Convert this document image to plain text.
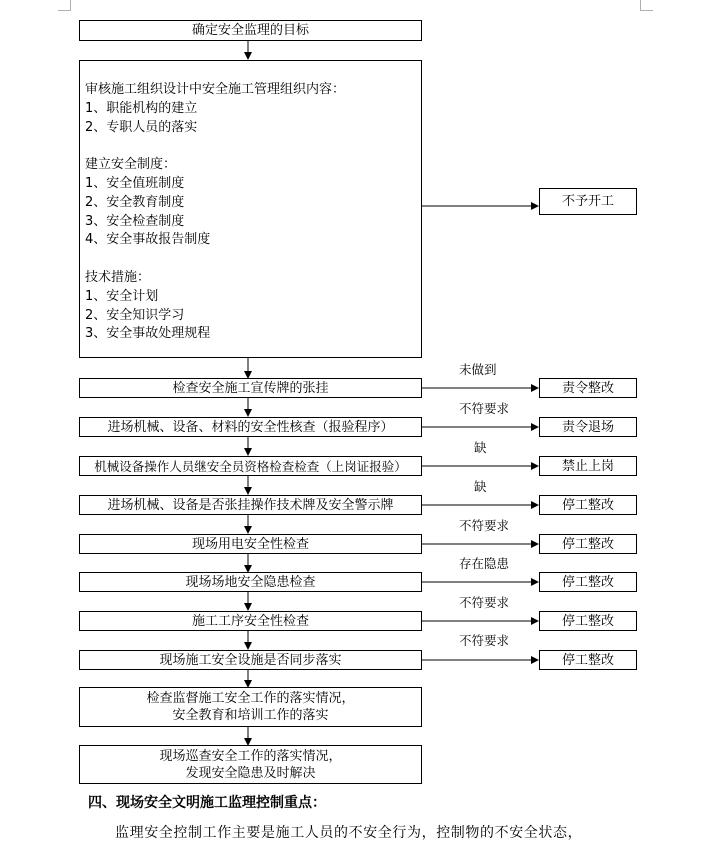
确定安全监理的目标
审核施工组织设计中安全施工管理组织内容：
1、职能机构的建立
2、专职人员的落实
建立安全制度：
1、安全值班制度
2、安全教育制度
3、安全检查制度
4、安全事故报告制度
技术措施：
1、安全计划
2、安全知识学习
3、安全事故处理规程
不予开工
检查安全施工宣传牌的张挂
未做到
责令整改
进场机械、设备、材料的安全性核查（报验程序）
不符要求
责令退场
机械设备操作人员继安全员资格检查检查（上岗证报验）
缺
禁止上岗
进场机械、设备是否张挂操作技术牌及安全警示牌
缺
停工整改
现场用电安全性检查
不符要求
停工整改
现场场地安全隐患检查
存在隐患
停工整改
施工工序安全性检查
不符要求
停工整改
现场施工安全设施是否同步落实
不符要求
停工整改
检查监督施工安全工作的落实情况，
安全教育和培训工作的落实
现场巡查安全工作的落实情况，
发现安全隐患及时解决
四、现场安全文明施工监理控制重点：
监理安全控制工作主要是施工人员的不安全行为，控制物的不安全状态，
